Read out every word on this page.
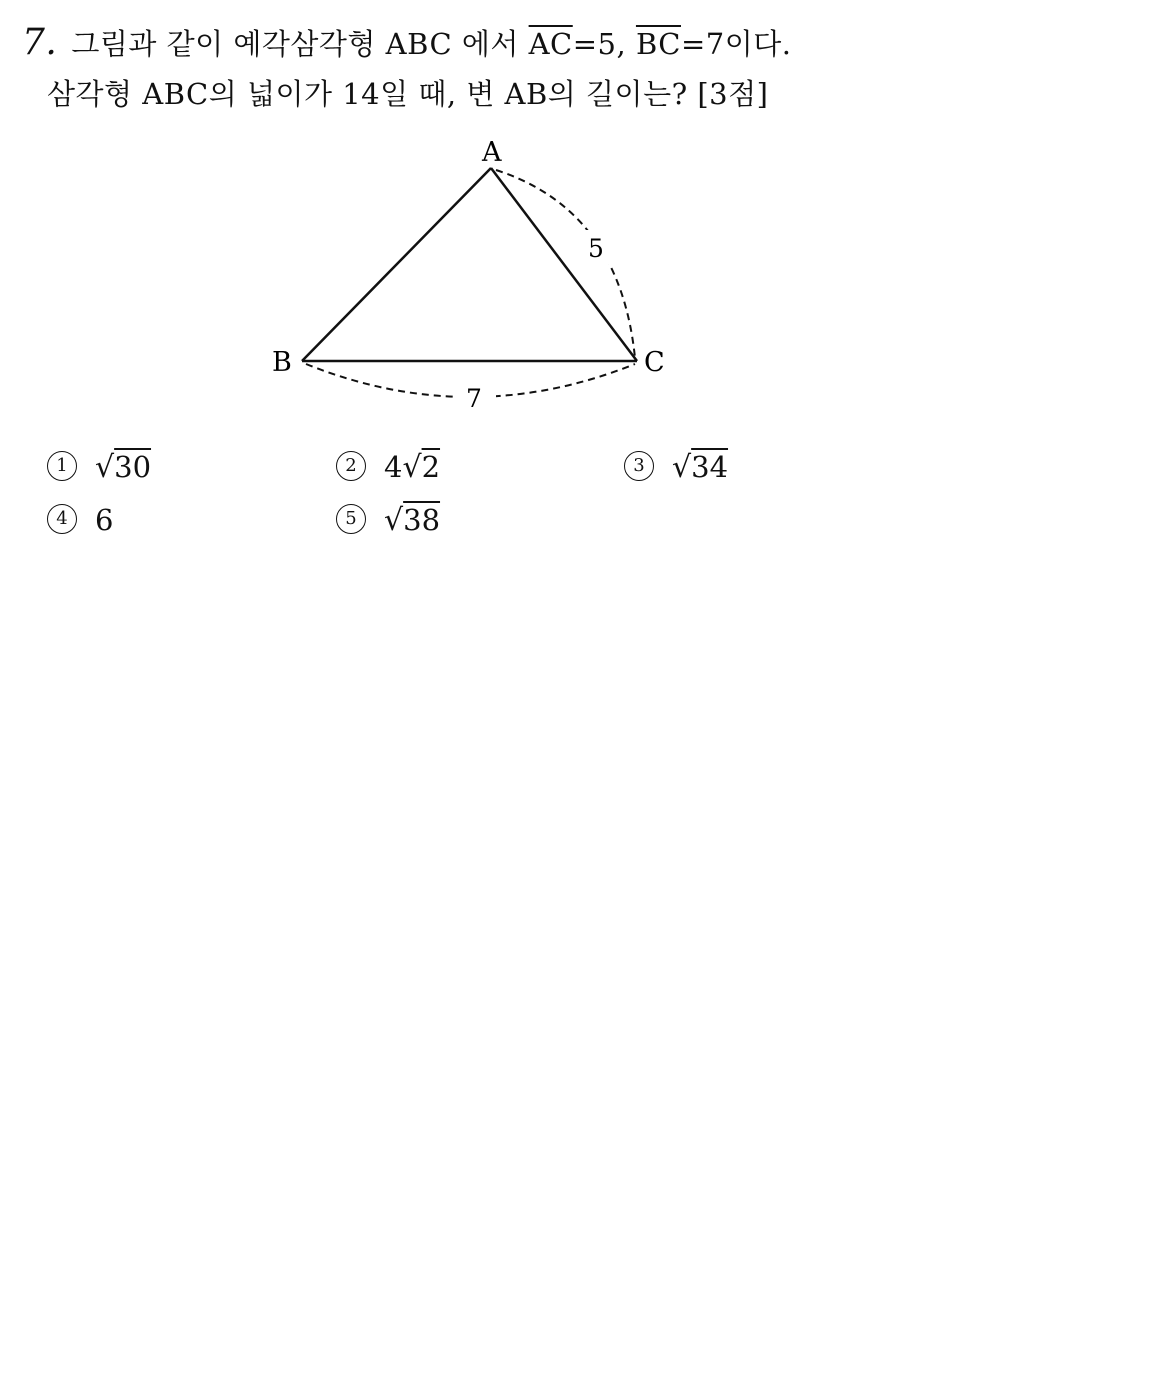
7. 그림과 같이 예각삼각형 ABC 에서 $\overline{AC}=5$, $\overline{BC}=7$이다.
삼각형 ABC의 넓이가 14일 때, 변 AB의 길이는? [3점]
A
B	C
5
7
1 √30	2 4√2	3 √34
4 6	5 √38
